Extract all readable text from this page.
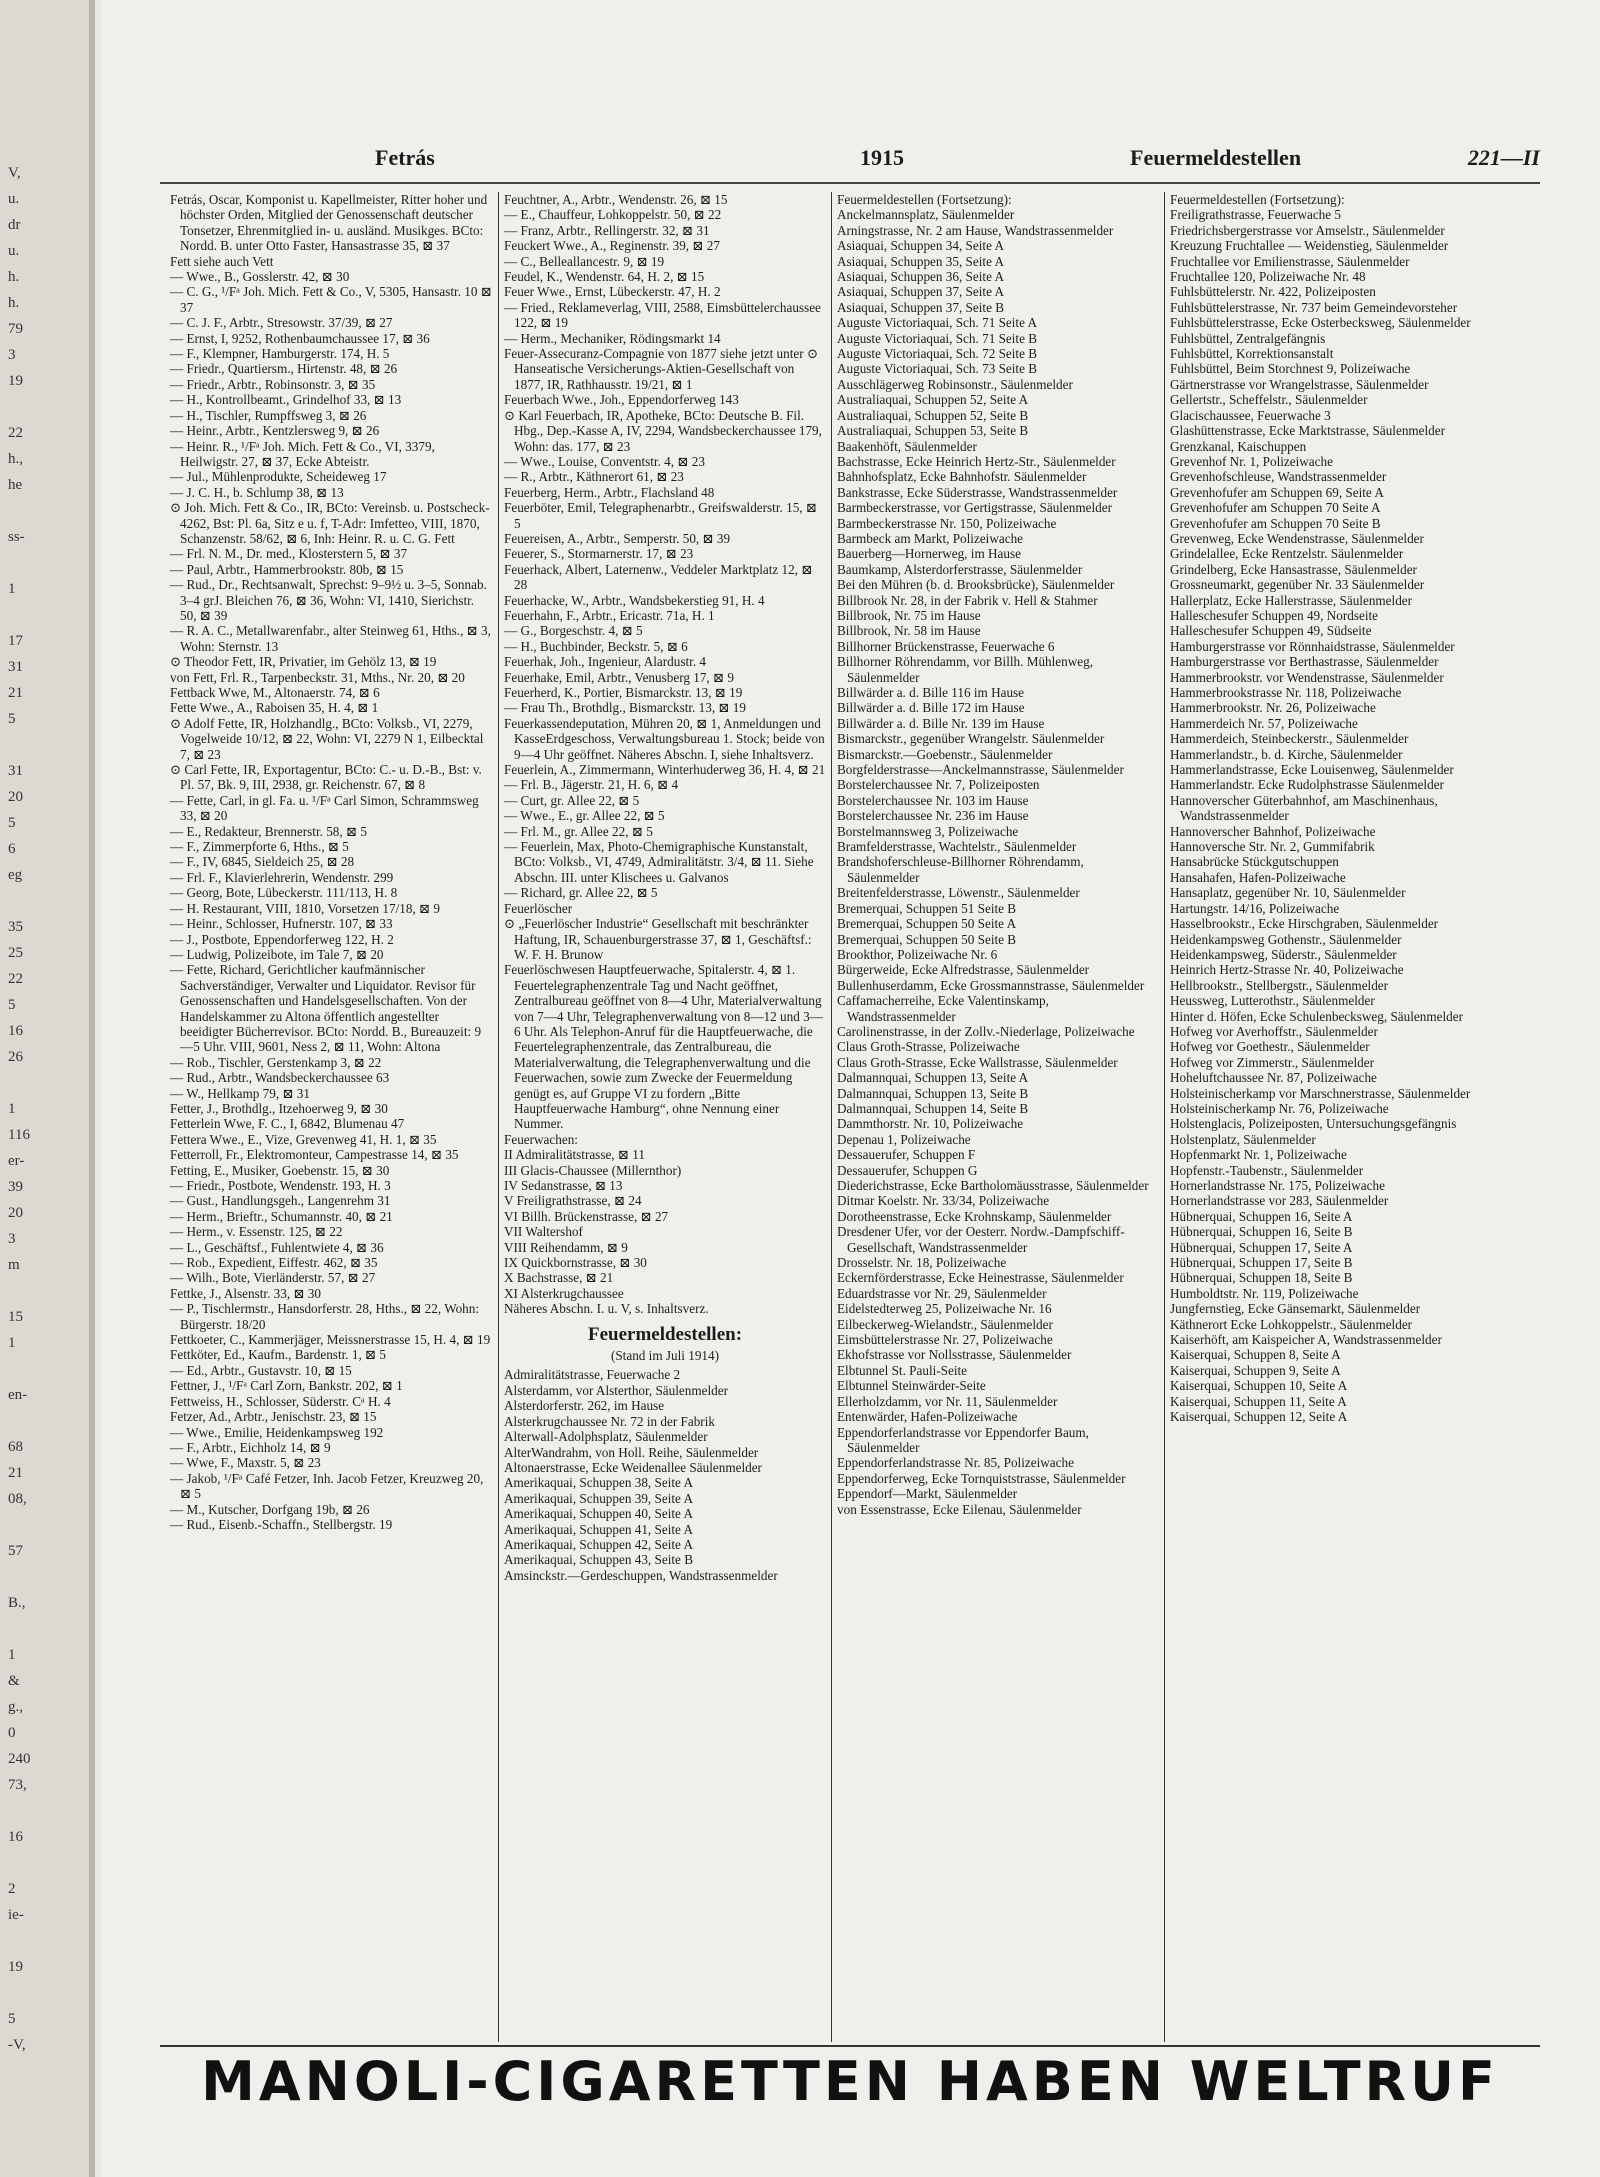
V,
u.
dr
u.
h.
h.
79
3
19

22
h.,
he

ss-

1

17
31
21
5

31
20
5
6
eg

35
25
22
5
16
26

1
116
er-
39
20
3
m

15
1

en-

68
21
08,

57

B.,

1
&
g.,
0
240
73,

16

2
ie-

19

5
-V,
Fetrás	1915	Feuermeldestellen	221—II

Fetrás, Oscar, Komponist u. Kapellmeister, Ritter hoher und höchster Orden, Mitglied der Genossenschaft deutscher Tonsetzer, Ehrenmitglied in- u. ausländ. Musikges. BCto: Nordd. B. unter Otto Faster, Hansastrasse 35, ⊠ 37

Fett siehe auch Vett

— Wwe., B., Gosslerstr. 42, ⊠ 30

— C. G., ¹/Fᵃ Joh. Mich. Fett & Co., V, 5305, Hansastr. 10 ⊠ 37

— C. J. F., Arbtr., Stresowstr. 37/39, ⊠ 27

— Ernst, I, 9252, Rothenbaumchaussee 17, ⊠ 36

— F., Klempner, Hamburgerstr. 174, H. 5

— Friedr., Quartiersm., Hirtenstr. 48, ⊠ 26

— Friedr., Arbtr., Robinsonstr. 3, ⊠ 35

— H., Kontrollbeamt., Grindelhof 33, ⊠ 13

— H., Tischler, Rumpffsweg 3, ⊠ 26

— Heinr., Arbtr., Kentzlersweg 9, ⊠ 26

— Heinr. R., ¹/Fᵃ Joh. Mich. Fett & Co., VI, 3379, Heilwigstr. 27, ⊠ 37, Ecke Abteistr.

— Jul., Mühlenprodukte, Scheideweg 17

— J. C. H., b. Schlump 38, ⊠ 13

⊙ Joh. Mich. Fett & Co., IR, BCto: Vereinsb. u. Postscheck-4262, Bst: Pl. 6a, Sitz e u. f, T-Adr: Imfetteo, VIII, 1870, Schanzenstr. 58/62, ⊠ 6, Inh: Heinr. R. u. C. G. Fett

— Frl. N. M., Dr. med., Klosterstern 5, ⊠ 37

— Paul, Arbtr., Hammerbrookstr. 80b, ⊠ 15

— Rud., Dr., Rechtsanwalt, Sprechst: 9–9½ u. 3–5, Sonnab. 3–4 grJ. Bleichen 76, ⊠ 36, Wohn: VI, 1410, Sierichstr. 50, ⊠ 39

— R. A. C., Metallwarenfabr., alter Steinweg 61, Hths., ⊠ 3, Wohn: Sternstr. 13

⊙ Theodor Fett, IR, Privatier, im Gehölz 13, ⊠ 19

von Fett, Frl. R., Tarpenbeckstr. 31, Mths., Nr. 20, ⊠ 20

Fettback Wwe, M., Altonaerstr. 74, ⊠ 6

Fette Wwe., A., Raboisen 35, H. 4, ⊠ 1

⊙ Adolf Fette, IR, Holzhandlg., BCto: Volksb., VI, 2279, Vogelweide 10/12, ⊠ 22, Wohn: VI, 2279 N 1, Eilbecktal 7, ⊠ 23

⊙ Carl Fette, IR, Exportagentur, BCto: C.- u. D.-B., Bst: v. Pl. 57, Bk. 9, III, 2938, gr. Reichenstr. 67, ⊠ 8

— Fette, Carl, in gl. Fa. u. ¹/Fᵃ Carl Simon, Schrammsweg 33, ⊠ 20

— E., Redakteur, Brennerstr. 58, ⊠ 5

— F., Zimmerpforte 6, Hths., ⊠ 5

— F., IV, 6845, Sieldeich 25, ⊠ 28

— Frl. F., Klavierlehrerin, Wendenstr. 299

— Georg, Bote, Lübeckerstr. 111/113, H. 8

— H. Restaurant, VIII, 1810, Vorsetzen 17/18, ⊠ 9

— Heinr., Schlosser, Hufnerstr. 107, ⊠ 33

— J., Postbote, Eppendorferweg 122, H. 2

— Ludwig, Polizeibote, im Tale 7, ⊠ 20

— Fette, Richard, Gerichtlicher kaufmännischer Sachverständiger, Verwalter und Liquidator. Revisor für Genossenschaften und Handelsgesellschaften. Von der Handelskammer zu Altona öffentlich angestellter beeidigter Bücherrevisor. BCto: Nordd. B., Bureauzeit: 9—5 Uhr. VIII, 9601, Ness 2, ⊠ 11, Wohn: Altona

— Rob., Tischler, Gerstenkamp 3, ⊠ 22

— Rud., Arbtr., Wandsbeckerchaussee 63

— W., Hellkamp 79, ⊠ 31

Fetter, J., Brothdlg., Itzehoerweg 9, ⊠ 30

Fetterlein Wwe, F. C., I, 6842, Blumenau 47

Fettera Wwe., E., Vize, Grevenweg 41, H. 1, ⊠ 35

Fetterroll, Fr., Elektromonteur, Campestrasse 14, ⊠ 35

Fetting, E., Musiker, Goebenstr. 15, ⊠ 30

— Friedr., Postbote, Wendenstr. 193, H. 3

— Gust., Handlungsgeh., Langenrehm 31

— Herm., Brieftr., Schumannstr. 40, ⊠ 21

— Herm., v. Essenstr. 125, ⊠ 22

— L., Geschäftsf., Fuhlentwiete 4, ⊠ 36

— Rob., Expedient, Eiffestr. 462, ⊠ 35

— Wilh., Bote, Vierländerstr. 57, ⊠ 27

Fettke, J., Alsenstr. 33, ⊠ 30

— P., Tischlermstr., Hansdorferstr. 28, Hths., ⊠ 22, Wohn: Bürgerstr. 18/20

Fettkoeter, C., Kammerjäger, Meissnerstrasse 15, H. 4, ⊠ 19

Fettköter, Ed., Kaufm., Bardenstr. 1, ⊠ 5

— Ed., Arbtr., Gustavstr. 10, ⊠ 15

Fettner, J., ¹/Fᵃ Carl Zorn, Bankstr. 202, ⊠ 1

Fettweiss, H., Schlosser, Süderstr. Cᵃ H. 4

Fetzer, Ad., Arbtr., Jenischstr. 23, ⊠ 15

— Wwe., Emilie, Heidenkampsweg 192

— F., Arbtr., Eichholz 14, ⊠ 9

— Wwe, F., Maxstr. 5, ⊠ 23

— Jakob, ¹/Fᵃ Café Fetzer, Inh. Jacob Fetzer, Kreuzweg 20, ⊠ 5

— M., Kutscher, Dorfgang 19b, ⊠ 26

— Rud., Eisenb.-Schaffn., Stellbergstr. 19

Feuchtner, A., Arbtr., Wendenstr. 26, ⊠ 15

— E., Chauffeur, Lohkoppelstr. 50, ⊠ 22

— Franz, Arbtr., Rellingerstr. 32, ⊠ 31

Feuckert Wwe., A., Reginenstr. 39, ⊠ 27

— C., Belleallancestr. 9, ⊠ 19

Feudel, K., Wendenstr. 64, H. 2, ⊠ 15

Feuer Wwe., Ernst, Lübeckerstr. 47, H. 2

— Fried., Reklameverlag, VIII, 2588, Eimsbüttelerchaussee 122, ⊠ 19

— Herm., Mechaniker, Rödingsmarkt 14

Feuer-Assecuranz-Compagnie von 1877 siehe jetzt unter ⊙ Hanseatische Versicherungs-Aktien-Gesellschaft von 1877, IR, Rathhausstr. 19/21, ⊠ 1

Feuerbach Wwe., Joh., Eppendorferweg 143

⊙ Karl Feuerbach, IR, Apotheke, BCto: Deutsche B. Fil. Hbg., Dep.-Kasse A, IV, 2294, Wandsbeckerchaussee 179, Wohn: das. 177, ⊠ 23

— Wwe., Louise, Conventstr. 4, ⊠ 23

— R., Arbtr., Käthnerort 61, ⊠ 23

Feuerberg, Herm., Arbtr., Flachsland 48

Feuerböter, Emil, Telegraphenarbtr., Greifswalderstr. 15, ⊠ 5

Feuereisen, A., Arbtr., Semperstr. 50, ⊠ 39

Feuerer, S., Stormarnerstr. 17, ⊠ 23

Feuerhack, Albert, Laternenw., Veddeler Marktplatz 12, ⊠ 28

Feuerhacke, W., Arbtr., Wandsbekerstieg 91, H. 4

Feuerhahn, F., Arbtr., Ericastr. 71a, H. 1

— G., Borgeschstr. 4, ⊠ 5

— H., Buchbinder, Beckstr. 5, ⊠ 6

Feuerhak, Joh., Ingenieur, Alardustr. 4

Feuerhake, Emil, Arbtr., Venusberg 17, ⊠ 9

Feuerherd, K., Portier, Bismarckstr. 13, ⊠ 19

— Frau Th., Brothdlg., Bismarckstr. 13, ⊠ 19

Feuerkassendeputation, Mühren 20, ⊠ 1, Anmeldungen und KasseErdgeschoss, Verwaltungsbureau 1. Stock; beide von 9—4 Uhr geöffnet. Näheres Abschn. I, siehe Inhaltsverz.

Feuerlein, A., Zimmermann, Winterhuderweg 36, H. 4, ⊠ 21

— Frl. B., Jägerstr. 21, H. 6, ⊠ 4

— Curt, gr. Allee 22, ⊠ 5

— Wwe., E., gr. Allee 22, ⊠ 5

— Frl. M., gr. Allee 22, ⊠ 5

— Feuerlein, Max, Photo-Chemigraphische Kunstanstalt, BCto: Volksb., VI, 4749, Admiralitätstr. 3/4, ⊠ 11. Siehe Abschn. III. unter Klischees u. Galvanos

— Richard, gr. Allee 22, ⊠ 5

Feuerlöscher

⊙ „Feuerlöscher Industrie“ Gesellschaft mit beschränkter Haftung, IR, Schauenburgerstrasse 37, ⊠ 1, Geschäftsf.: W. F. H. Brunow

Feuerlöschwesen Hauptfeuerwache, Spitalerstr. 4, ⊠ 1. Feuertelegraphenzentrale Tag und Nacht geöffnet, Zentralbureau geöffnet von 8—4 Uhr, Materialverwaltung von 7—4 Uhr, Telegraphenverwaltung von 8—12 und 3—6 Uhr. Als Telephon-Anruf für die Hauptfeuerwache, die Feuertelegraphenzentrale, das Zentralbureau, die Materialverwaltung, die Telegraphenverwaltung und die Feuerwachen, sowie zum Zwecke der Feuermeldung genügt es, auf Gruppe VI zu fordern „Bitte Hauptfeuerwache Hamburg“, ohne Nennung einer Nummer.

Feuerwachen:

II Admiralitätstrasse, ⊠ 11

III Glacis-Chaussee (Millernthor)

IV Sedanstrasse, ⊠ 13

V Freiligrathstrasse, ⊠ 24

VI Billh. Brückenstrasse, ⊠ 27

VII Waltershof

VIII Reihendamm, ⊠ 9

IX Quickbornstrasse, ⊠ 30

X Bachstrasse, ⊠ 21

XI Alsterkrugchaussee

Näheres Abschn. I. u. V, s. Inhaltsverz.

Feuermeldestellen:
(Stand im Juli 1914)

Admiralitätstrasse, Feuerwache 2

Alsterdamm, vor Alsterthor, Säulenmelder

Alsterdorferstr. 262, im Hause

Alsterkrugchaussee Nr. 72 in der Fabrik

Alterwall-Adolphsplatz, Säulenmelder

AlterWandrahm, von Holl. Reihe, Säulenmelder

Altonaerstrasse, Ecke Weidenallee Säulenmelder

Amerikaquai, Schuppen 38, Seite A

Amerikaquai, Schuppen 39, Seite A

Amerikaquai, Schuppen 40, Seite A

Amerikaquai, Schuppen 41, Seite A

Amerikaquai, Schuppen 42, Seite A

Amerikaquai, Schuppen 43, Seite B

Amsinckstr.—Gerdeschuppen, Wandstrassenmelder

Feuermeldestellen (Fortsetzung):

Anckelmannsplatz, Säulenmelder

Arningstrasse, Nr. 2 am Hause, Wandstrassenmelder

Asiaquai, Schuppen 34, Seite A

Asiaquai, Schuppen 35, Seite A

Asiaquai, Schuppen 36, Seite A

Asiaquai, Schuppen 37, Seite A

Asiaquai, Schuppen 37, Seite B

Auguste Victoriaquai, Sch. 71 Seite A

Auguste Victoriaquai, Sch. 71 Seite B

Auguste Victoriaquai, Sch. 72 Seite B

Auguste Victoriaquai, Sch. 73 Seite B

Ausschlägerweg Robinsonstr., Säulenmelder

Australiaquai, Schuppen 52, Seite A

Australiaquai, Schuppen 52, Seite B

Australiaquai, Schuppen 53, Seite B

Baakenhöft, Säulenmelder

Bachstrasse, Ecke Heinrich Hertz-Str., Säulenmelder

Bahnhofsplatz, Ecke Bahnhofstr. Säulenmelder

Bankstrasse, Ecke Süderstrasse, Wandstrassenmelder

Barmbeckerstrasse, vor Gertigstrasse, Säulenmelder

Barmbeckerstrasse Nr. 150, Polizeiwache

Barmbeck am Markt, Polizeiwache

Bauerberg—Hornerweg, im Hause

Baumkamp, Alsterdorferstrasse, Säulenmelder

Bei den Mühren (b. d. Brooksbrücke), Säulenmelder

Billbrook Nr. 28, in der Fabrik v. Hell & Stahmer

Billbrook, Nr. 75 im Hause

Billbrook, Nr. 58 im Hause

Billhorner Brückenstrasse, Feuerwache 6

Billhorner Röhrendamm, vor Billh. Mühlenweg, Säulenmelder

Billwärder a. d. Bille 116 im Hause

Billwärder a. d. Bille 172 im Hause

Billwärder a. d. Bille Nr. 139 im Hause

Bismarckstr., gegenüber Wrangelstr. Säulenmelder

Bismarckstr.—Goebenstr., Säulenmelder

Borgfelderstrasse—Anckelmannstrasse, Säulenmelder

Borstelerchaussee Nr. 7, Polizeiposten

Borstelerchaussee Nr. 103 im Hause

Borstelerchaussee Nr. 236 im Hause

Borstelmannsweg 3, Polizeiwache

Bramfelderstrasse, Wachtelstr., Säulenmelder

Brandshoferschleuse-Billhorner Röhrendamm, Säulenmelder

Breitenfelderstrasse, Löwenstr., Säulenmelder

Bremerquai, Schuppen 51 Seite B

Bremerquai, Schuppen 50 Seite A

Bremerquai, Schuppen 50 Seite B

Brookthor, Polizeiwache Nr. 6

Bürgerweide, Ecke Alfredstrasse, Säulenmelder

Bullenhuserdamm, Ecke Grossmannstrasse, Säulenmelder

Caffamacherreihe, Ecke Valentinskamp, Wandstrassenmelder

Carolinenstrasse, in der Zollv.-Niederlage, Polizeiwache

Claus Groth-Strasse, Polizeiwache

Claus Groth-Strasse, Ecke Wallstrasse, Säulenmelder

Dalmannquai, Schuppen 13, Seite A

Dalmannquai, Schuppen 13, Seite B

Dalmannquai, Schuppen 14, Seite B

Dammthorstr. Nr. 10, Polizeiwache

Depenau 1, Polizeiwache

Dessauerufer, Schuppen F

Dessauerufer, Schuppen G

Diederichstrasse, Ecke Bartholomäusstrasse, Säulenmelder

Ditmar Koelstr. Nr. 33/34, Polizeiwache

Dorotheenstrasse, Ecke Krohnskamp, Säulenmelder

Dresdener Ufer, vor der Oesterr. Nordw.-Dampfschiff-Gesellschaft, Wandstrassenmelder

Drosselstr. Nr. 18, Polizeiwache

Eckernförderstrasse, Ecke Heinestrasse, Säulenmelder

Eduardstrasse vor Nr. 29, Säulenmelder

Eidelstedterweg 25, Polizeiwache Nr. 16

Eilbeckerweg-Wielandstr., Säulenmelder

Eimsbüttelerstrasse Nr. 27, Polizeiwache

Ekhofstrasse vor Nollsstrasse, Säulenmelder

Elbtunnel St. Pauli-Seite

Elbtunnel Steinwärder-Seite

Ellerholzdamm, vor Nr. 11, Säulenmelder

Entenwärder, Hafen-Polizeiwache

Eppendorferlandstrasse vor Eppendorfer Baum, Säulenmelder

Eppendorferlandstrasse Nr. 85, Polizeiwache

Eppendorferweg, Ecke Tornquiststrasse, Säulenmelder

Eppendorf—Markt, Säulenmelder

von Essenstrasse, Ecke Eilenau, Säulenmelder

Feuermeldestellen (Fortsetzung):

Freiligrathstrasse, Feuerwache 5

Friedrichsbergerstrasse vor Amselstr., Säulenmelder

Kreuzung Fruchtallee — Weidenstieg, Säulenmelder

Fruchtallee vor Emilienstrasse, Säulenmelder

Fruchtallee 120, Polizeiwache Nr. 48

Fuhlsbüttelerstr. Nr. 422, Polizeiposten

Fuhlsbüttelerstrasse, Nr. 737 beim Gemeindevorsteher

Fuhlsbüttelerstrasse, Ecke Osterbecksweg, Säulenmelder

Fuhlsbüttel, Zentralgefängnis

Fuhlsbüttel, Korrektionsanstalt

Fuhlsbüttel, Beim Storchnest 9, Polizeiwache

Gärtnerstrasse vor Wrangelstrasse, Säulenmelder

Gellertstr., Scheffelstr., Säulenmelder

Glacischaussee, Feuerwache 3

Glashüttenstrasse, Ecke Marktstrasse, Säulenmelder

Grenzkanal, Kaischuppen

Grevenhof Nr. 1, Polizeiwache

Grevenhofschleuse, Wandstrassenmelder

Grevenhofufer am Schuppen 69, Seite A

Grevenhofufer am Schuppen 70 Seite A

Grevenhofufer am Schuppen 70 Seite B

Grevenweg, Ecke Wendenstrasse, Säulenmelder

Grindelallee, Ecke Rentzelstr. Säulenmelder

Grindelberg, Ecke Hansastrasse, Säulenmelder

Grossneumarkt, gegenüber Nr. 33 Säulenmelder

Hallerplatz, Ecke Hallerstrasse, Säulenmelder

Halleschesufer Schuppen 49, Nordseite

Halleschesufer Schuppen 49, Südseite

Hamburgerstrasse vor Rönnhaidstrasse, Säulenmelder

Hamburgerstrasse vor Berthastrasse, Säulenmelder

Hammerbrookstr. vor Wendenstrasse, Säulenmelder

Hammerbrookstrasse Nr. 118, Polizeiwache

Hammerbrookstr. Nr. 26, Polizeiwache

Hammerdeich Nr. 57, Polizeiwache

Hammerdeich, Steinbeckerstr., Säulenmelder

Hammerlandstr., b. d. Kirche, Säulenmelder

Hammerlandstrasse, Ecke Louisenweg, Säulenmelder

Hammerlandstr. Ecke Rudolphstrasse Säulenmelder

Hannoverscher Güterbahnhof, am Maschinenhaus, Wandstrassenmelder

Hannoverscher Bahnhof, Polizeiwache

Hannoversche Str. Nr. 2, Gummifabrik

Hansabrücke Stückgutschuppen

Hansahafen, Hafen-Polizeiwache

Hansaplatz, gegenüber Nr. 10, Säulenmelder

Hartungstr. 14/16, Polizeiwache

Hasselbrookstr., Ecke Hirschgraben, Säulenmelder

Heidenkampsweg Gothenstr., Säulenmelder

Heidenkampsweg, Süderstr., Säulenmelder

Heinrich Hertz-Strasse Nr. 40, Polizeiwache

Hellbrookstr., Stellbergstr., Säulenmelder

Heussweg, Lutterothstr., Säulenmelder

Hinter d. Höfen, Ecke Schulenbecksweg, Säulenmelder

Hofweg vor Averhoffstr., Säulenmelder

Hofweg vor Goethestr., Säulenmelder

Hofweg vor Zimmerstr., Säulenmelder

Hoheluftchaussee Nr. 87, Polizeiwache

Holsteinischerkamp vor Marschnerstrasse, Säulenmelder

Holsteinischerkamp Nr. 76, Polizeiwache

Holstenglacis, Polizeiposten, Untersuchungsgefängnis

Holstenplatz, Säulenmelder

Hopfenmarkt Nr. 1, Polizeiwache

Hopfenstr.-Taubenstr., Säulenmelder

Hornerlandstrasse Nr. 175, Polizeiwache

Hornerlandstrasse vor 283, Säulenmelder

Hübnerquai, Schuppen 16, Seite A

Hübnerquai, Schuppen 16, Seite B

Hübnerquai, Schuppen 17, Seite A

Hübnerquai, Schuppen 17, Seite B

Hübnerquai, Schuppen 18, Seite B

Humboldtstr. Nr. 119, Polizeiwache

Jungfernstieg, Ecke Gänsemarkt, Säulenmelder

Käthnerort Ecke Lohkoppelstr., Säulenmelder

Kaiserhöft, am Kaispeicher A, Wandstrassenmelder

Kaiserquai, Schuppen 8, Seite A

Kaiserquai, Schuppen 9, Seite A

Kaiserquai, Schuppen 10, Seite A

Kaiserquai, Schuppen 11, Seite A

Kaiserquai, Schuppen 12, Seite A

MANOLI-CIGARETTEN HABEN WELTRUF
